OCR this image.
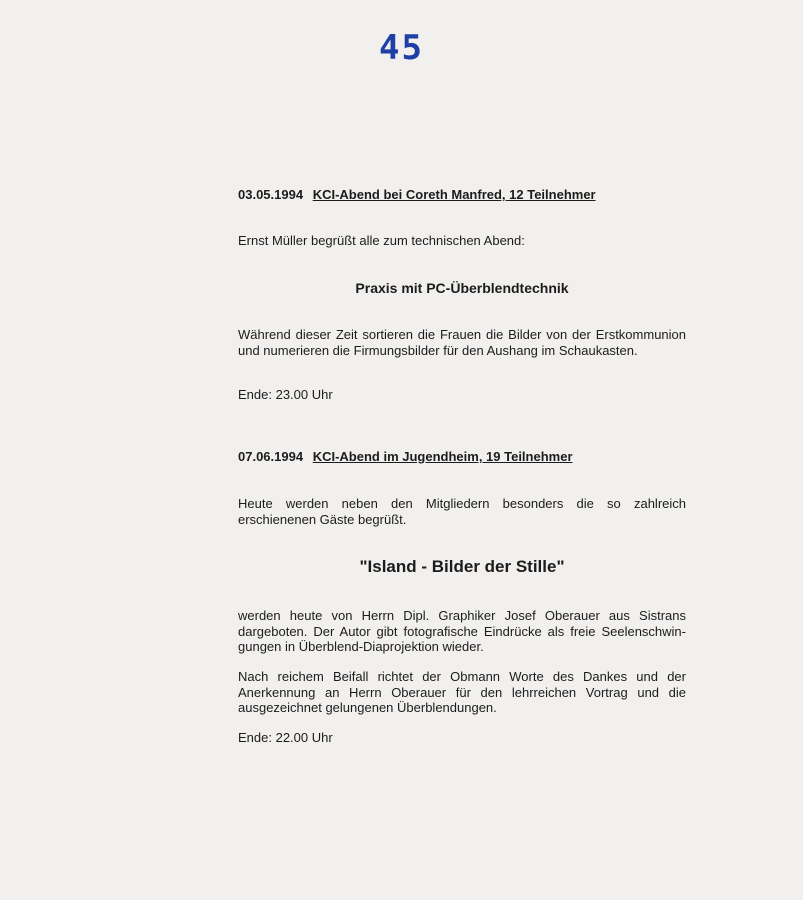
45
03.05.1994 KCI-Abend bei Coreth Manfred, 12 Teilnehmer
Ernst Müller begrüßt alle zum technischen Abend:
Praxis mit PC-Überblendtechnik
Während dieser Zeit sortieren die Frauen die Bilder von der Erstkommunion und numerieren die Firmungsbilder für den Aushang im Schaukasten.
Ende: 23.00 Uhr
07.06.1994 KCI-Abend im Jugendheim, 19 Teilnehmer
Heute werden neben den Mitgliedern besonders die so zahlreich erschienenen Gäste begrüßt.
"Island - Bilder der Stille"
werden heute von Herrn Dipl. Graphiker Josef Oberauer aus Sistrans dargeboten. Der Autor gibt fotografische Eindrücke als freie Seelenschwin-gungen in Überblend-Diaprojektion wieder.
Nach reichem Beifall richtet der Obmann Worte des Dankes und der Anerkennung an Herrn Oberauer für den lehrreichen Vortrag und die ausgezeichnet gelungenen Überblendungen.
Ende: 22.00 Uhr
